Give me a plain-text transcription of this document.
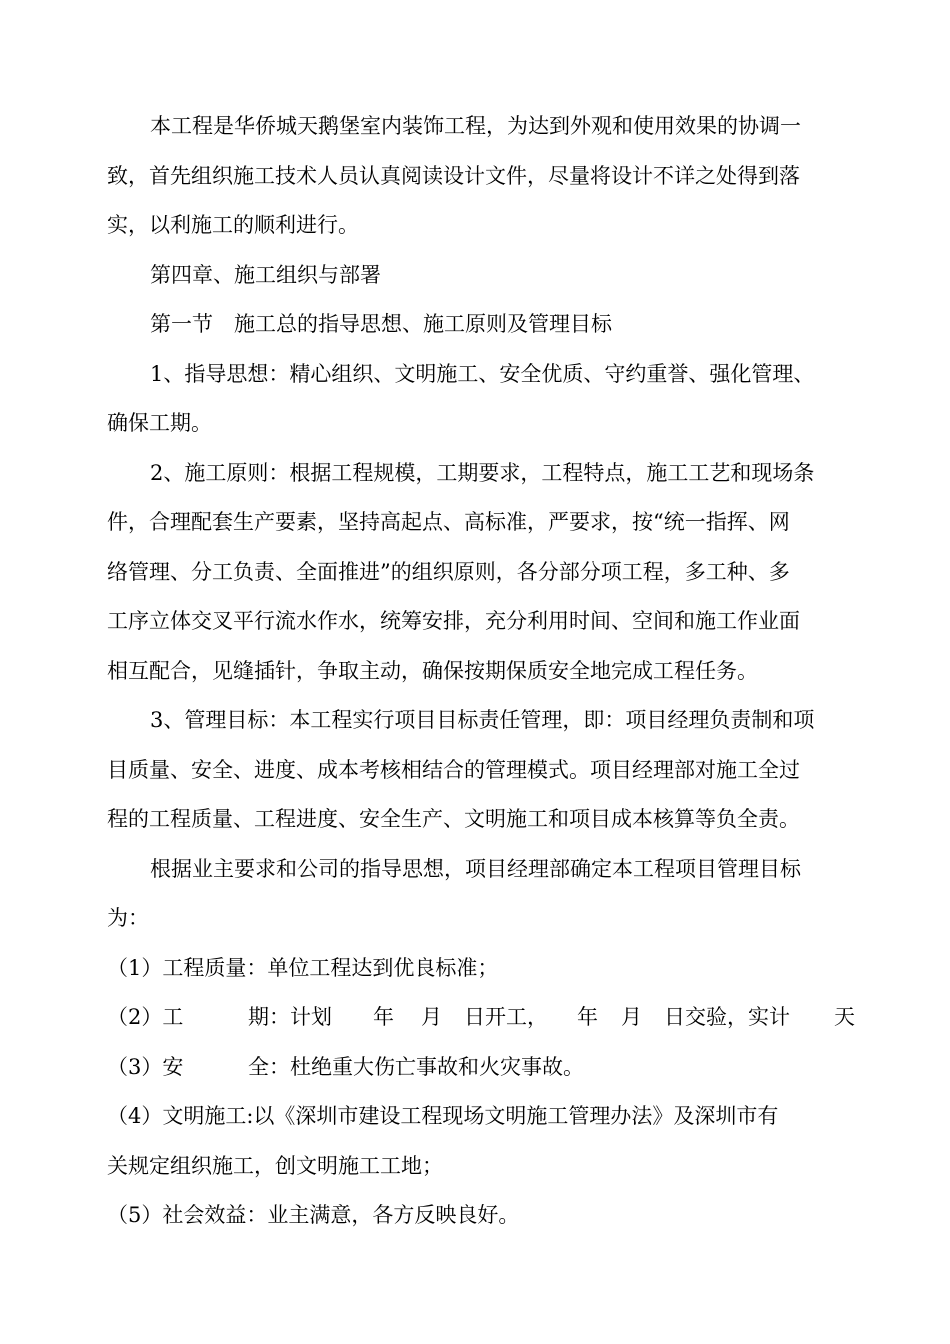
本工程是华侨城天鹅堡室内装饰工程，为达到外观和使用效果的协调一

致，首先组织施工技术人员认真阅读设计文件，尽量将设计不详之处得到落

实，以利施工的顺利进行。

第四章、施工组织与部署

第一节　施工总的指导思想、施工原则及管理目标

1、指导思想：精心组织、文明施工、安全优质、守约重誉、强化管理、

确保工期。

2、施工原则：根据工程规模，工期要求，工程特点，施工工艺和现场条

件，合理配套生产要素，坚持高起点、高标准，严要求，按“统一指挥、网

络管理、分工负责、全面推进”的组织原则，各分部分项工程，多工种、多

工序立体交叉平行流水作水，统筹安排，充分利用时间、空间和施工作业面

相互配合，见缝插针，争取主动，确保按期保质安全地完成工程任务。

3、管理目标：本工程实行项目目标责任管理，即：项目经理负责制和项

目质量、安全、进度、成本考核相结合的管理模式。项目经理部对施工全过

程的工程质量、工程进度、安全生产、文明施工和项目成本核算等负全责。

根据业主要求和公司的指导思想，项目经理部确定本工程项目管理目标

为：

（1）工程质量：单位工程达到优良标准；

（2）工

	期：计划

年

月

日开工，

年

月

日交验，实计

天

（3）安

	全：杜绝重大伤亡事故和火灾事故。

（4）文明施工:以《深圳市建设工程现场文明施工管理办法》及深圳市有

关规定组织施工，创文明施工工地；

（5）社会效益：业主满意，各方反映良好。
